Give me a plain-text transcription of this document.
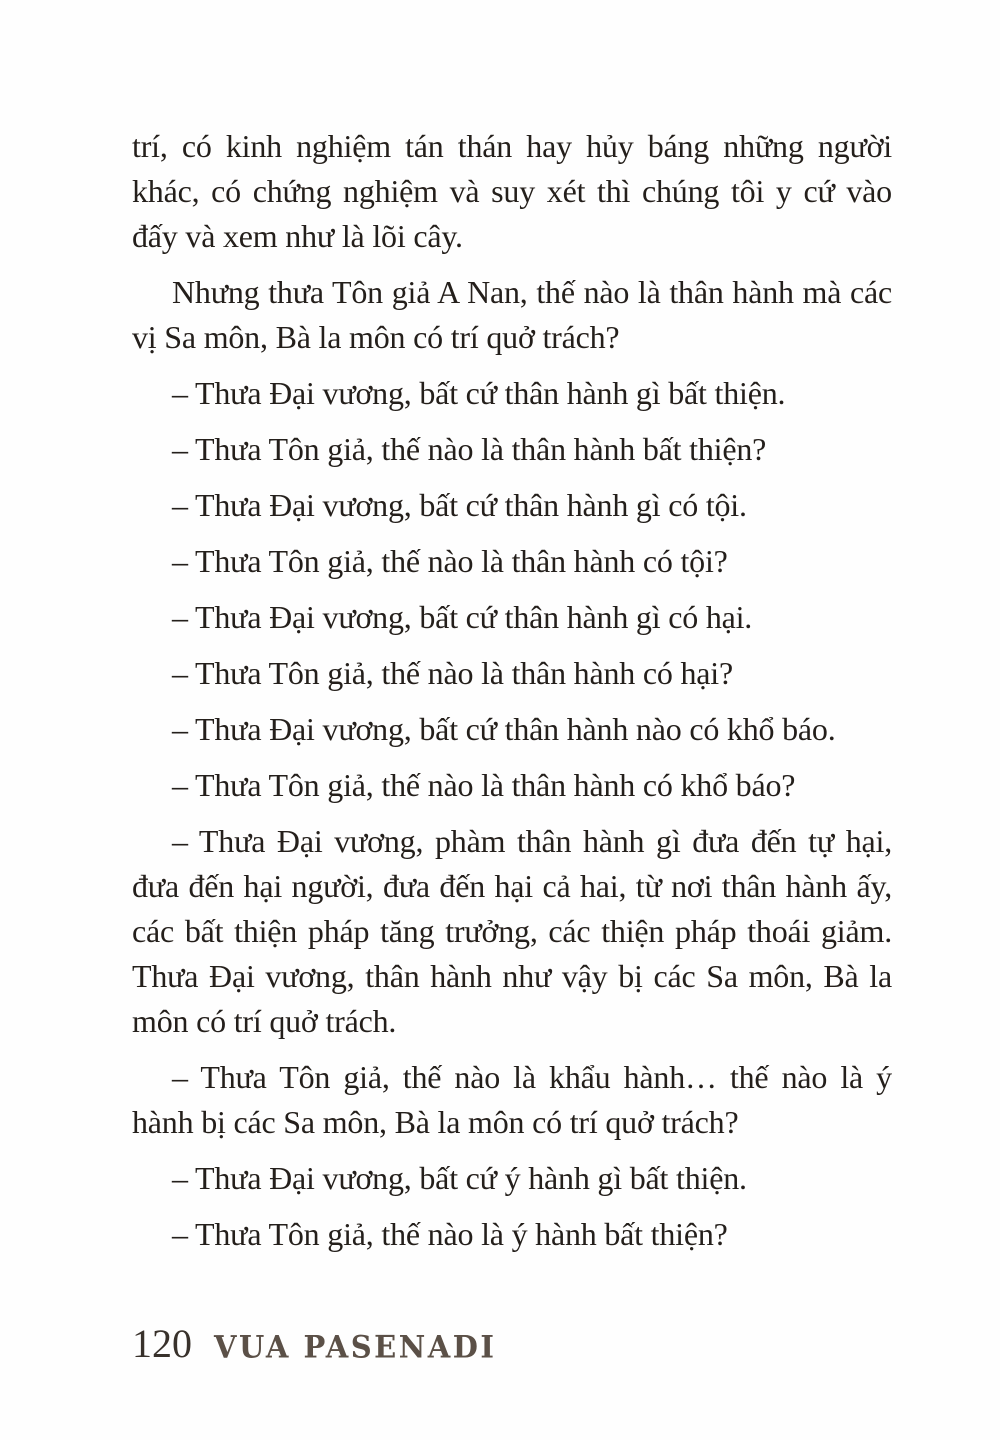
trí, có kinh nghiệm tán thán hay hủy báng những người khác, có chứng nghiệm và suy xét thì chúng tôi y cứ vào đấy và xem như là lõi cây.

Nhưng thưa Tôn giả A Nan, thế nào là thân hành mà các vị Sa môn, Bà la môn có trí quở trách?

– Thưa Đại vương, bất cứ thân hành gì bất thiện.

– Thưa Tôn giả, thế nào là thân hành bất thiện?

– Thưa Đại vương, bất cứ thân hành gì có tội.

– Thưa Tôn giả, thế nào là thân hành có tội?

– Thưa Đại vương, bất cứ thân hành gì có hại.

– Thưa Tôn giả, thế nào là thân hành có hại?

– Thưa Đại vương, bất cứ thân hành nào có khổ báo.

– Thưa Tôn giả, thế nào là thân hành có khổ báo?

– Thưa Đại vương, phàm thân hành gì đưa đến tự hại, đưa đến hại người, đưa đến hại cả hai, từ nơi thân hành ấy, các bất thiện pháp tăng trưởng, các thiện pháp thoái giảm. Thưa Đại vương, thân hành như vậy bị các Sa môn, Bà la môn có trí quở trách.

– Thưa Tôn giả, thế nào là khẩu hành… thế nào là ý hành bị các Sa môn, Bà la môn có trí quở trách?

– Thưa Đại vương, bất cứ ý hành gì bất thiện.

– Thưa Tôn giả, thế nào là ý hành bất thiện?

120 VUA PASENADI
